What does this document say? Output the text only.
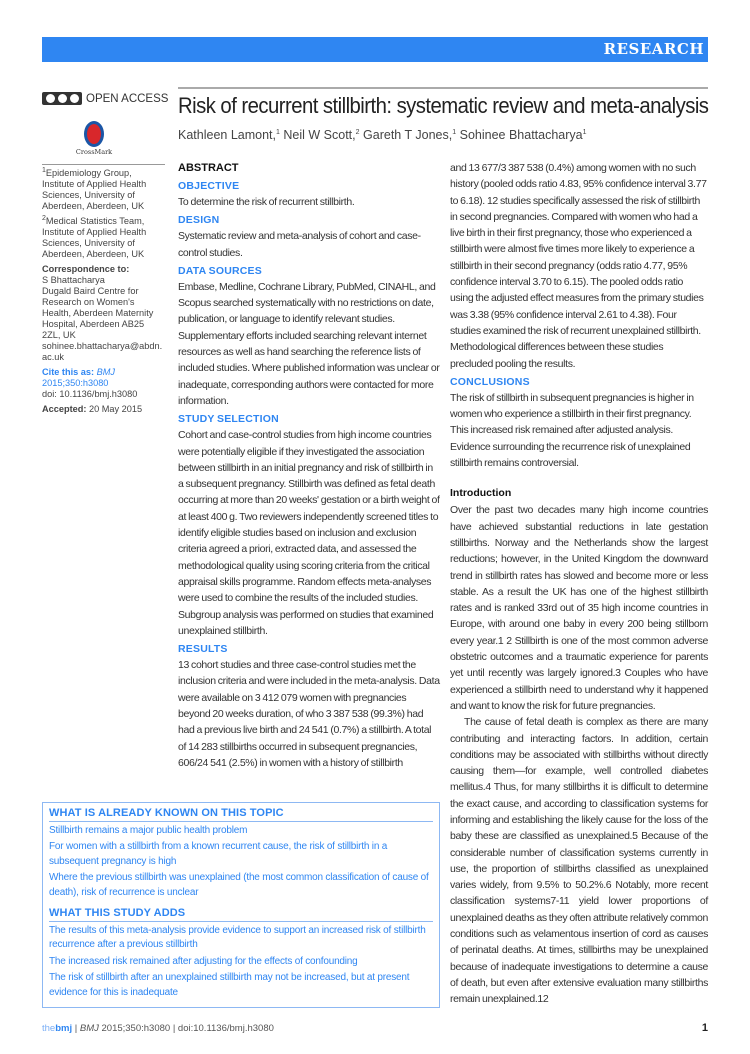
RESEARCH
OPEN ACCESS
CrossMark
Risk of recurrent stillbirth: systematic review and meta-analysis
Kathleen Lamont,$^1$ Neil W Scott,$^2$ Gareth T Jones,$^1$ Sohinee Bhattacharya$^1$

$^1$Epidemiology Group, Institute of Applied Health Sciences, University of Aberdeen, Aberdeen, UK

$^2$Medical Statistics Team, Institute of Applied Health Sciences, University of Aberdeen, Aberdeen, UK

Correspondence to:
S Bhattacharya
Dugald Baird Centre for Research on Women's Health, Aberdeen Maternity Hospital, Aberdeen AB25 2ZL, UK
sohinee.bhattacharya@abdn.ac.uk

Cite this as: BMJ 2015;350:h3080
doi: 10.1136/bmj.h3080

Accepted: 20 May 2015

ABSTRACT
OBJECTIVE

To determine the risk of recurrent stillbirth.

DESIGN

Systematic review and meta-analysis of cohort and case-control studies.

DATA SOURCES

Embase, Medline, Cochrane Library, PubMed, CINAHL, and Scopus searched systematically with no restrictions on date, publication, or language to identify relevant studies. Supplementary efforts included searching relevant internet resources as well as hand searching the reference lists of included studies. Where published information was unclear or inadequate, corresponding authors were contacted for more information.

STUDY SELECTION

Cohort and case-control studies from high income countries were potentially eligible if they investigated the association between stillbirth in an initial pregnancy and risk of stillbirth in a subsequent pregnancy. Stillbirth was defined as fetal death occurring at more than 20 weeks' gestation or a birth weight of at least 400 g. Two reviewers independently screened titles to identify eligible studies based on inclusion and exclusion criteria agreed a priori, extracted data, and assessed the methodological quality using scoring criteria from the critical appraisal skills programme. Random effects meta-analyses were used to combine the results of the included studies. Subgroup analysis was performed on studies that examined unexplained stillbirth.

RESULTS

13 cohort studies and three case-control studies met the inclusion criteria and were included in the meta-analysis. Data were available on 3 412 079 women with pregnancies beyond 20 weeks duration, of who 3 387 538 (99.3%) had had a previous live birth and 24 541 (0.7%) a stillbirth. A total of 14 283 stillbirths occurred in subsequent pregnancies, 606/24 541 (2.5%) in women with a history of stillbirth

WHAT IS ALREADY KNOWN ON THIS TOPIC

Stillbirth remains a major public health problem

For women with a stillbirth from a known recurrent cause, the risk of stillbirth in a subsequent pregnancy is high

Where the previous stillbirth was unexplained (the most common classification of cause of death), risk of recurrence is unclear

WHAT THIS STUDY ADDS

The results of this meta-analysis provide evidence to support an increased risk of stillbirth recurrence after a previous stillbirth

The increased risk remained after adjusting for the effects of confounding

The risk of stillbirth after an unexplained stillbirth may not be increased, but at present evidence for this is inadequate

and 13 677/3 387 538 (0.4%) among women with no such history (pooled odds ratio 4.83, 95% confidence interval 3.77 to 6.18). 12 studies specifically assessed the risk of stillbirth in second pregnancies. Compared with women who had a live birth in their first pregnancy, those who experienced a stillbirth were almost five times more likely to experience a stillbirth in their second pregnancy (odds ratio 4.77, 95% confidence interval 3.70 to 6.15). The pooled odds ratio using the adjusted effect measures from the primary studies was 3.38 (95% confidence interval 2.61 to 4.38). Four studies examined the risk of recurrent unexplained stillbirth. Methodological differences between these studies precluded pooling the results.

CONCLUSIONS

The risk of stillbirth in subsequent pregnancies is higher in women who experience a stillbirth in their first pregnancy. This increased risk remained after adjusted analysis. Evidence surrounding the recurrence risk of unexplained stillbirth remains controversial.

Introduction

Over the past two decades many high income countries have achieved substantial reductions in late gestation stillbirths. Norway and the Netherlands show the largest reductions; however, in the United Kingdom the downward trend in stillbirth rates has slowed and become more or less stable. As a result the UK has one of the highest stillbirth rates and is ranked 33rd out of 35 high income countries in Europe, with around one baby in every 200 being stillborn every year.1 2 Stillbirth is one of the most common adverse obstetric outcomes and a traumatic experience for parents yet until recently was largely ignored.3 Couples who have experienced a stillbirth need to understand why it happened and want to know the risk for future pregnancies.

The cause of fetal death is complex as there are many contributing and interacting factors. In addition, certain conditions may be associated with stillbirths without directly causing them—for example, well controlled diabetes mellitus.4 Thus, for many stillbirths it is difficult to determine the exact cause, and according to classification systems for informing and establishing the likely cause for the loss of the baby these are classified as unexplained.5 Because of the considerable number of classification systems currently in use, the proportion of stillbirths classified as unexplained varies widely, from 9.5% to 50.2%.6 Notably, more recent classification systems7-11 yield lower proportions of unexplained deaths as they often attribute relatively common conditions such as velamentous insertion of cord as causes of perinatal deaths. At times, stillbirths may be unexplained because of inadequate investigations to determine a cause of death, but even after extensive evaluation many stillbirths remain unexplained.12

thebmj | BMJ 2015;350:h3080 | doi:10.1136/bmj.h3080	1
